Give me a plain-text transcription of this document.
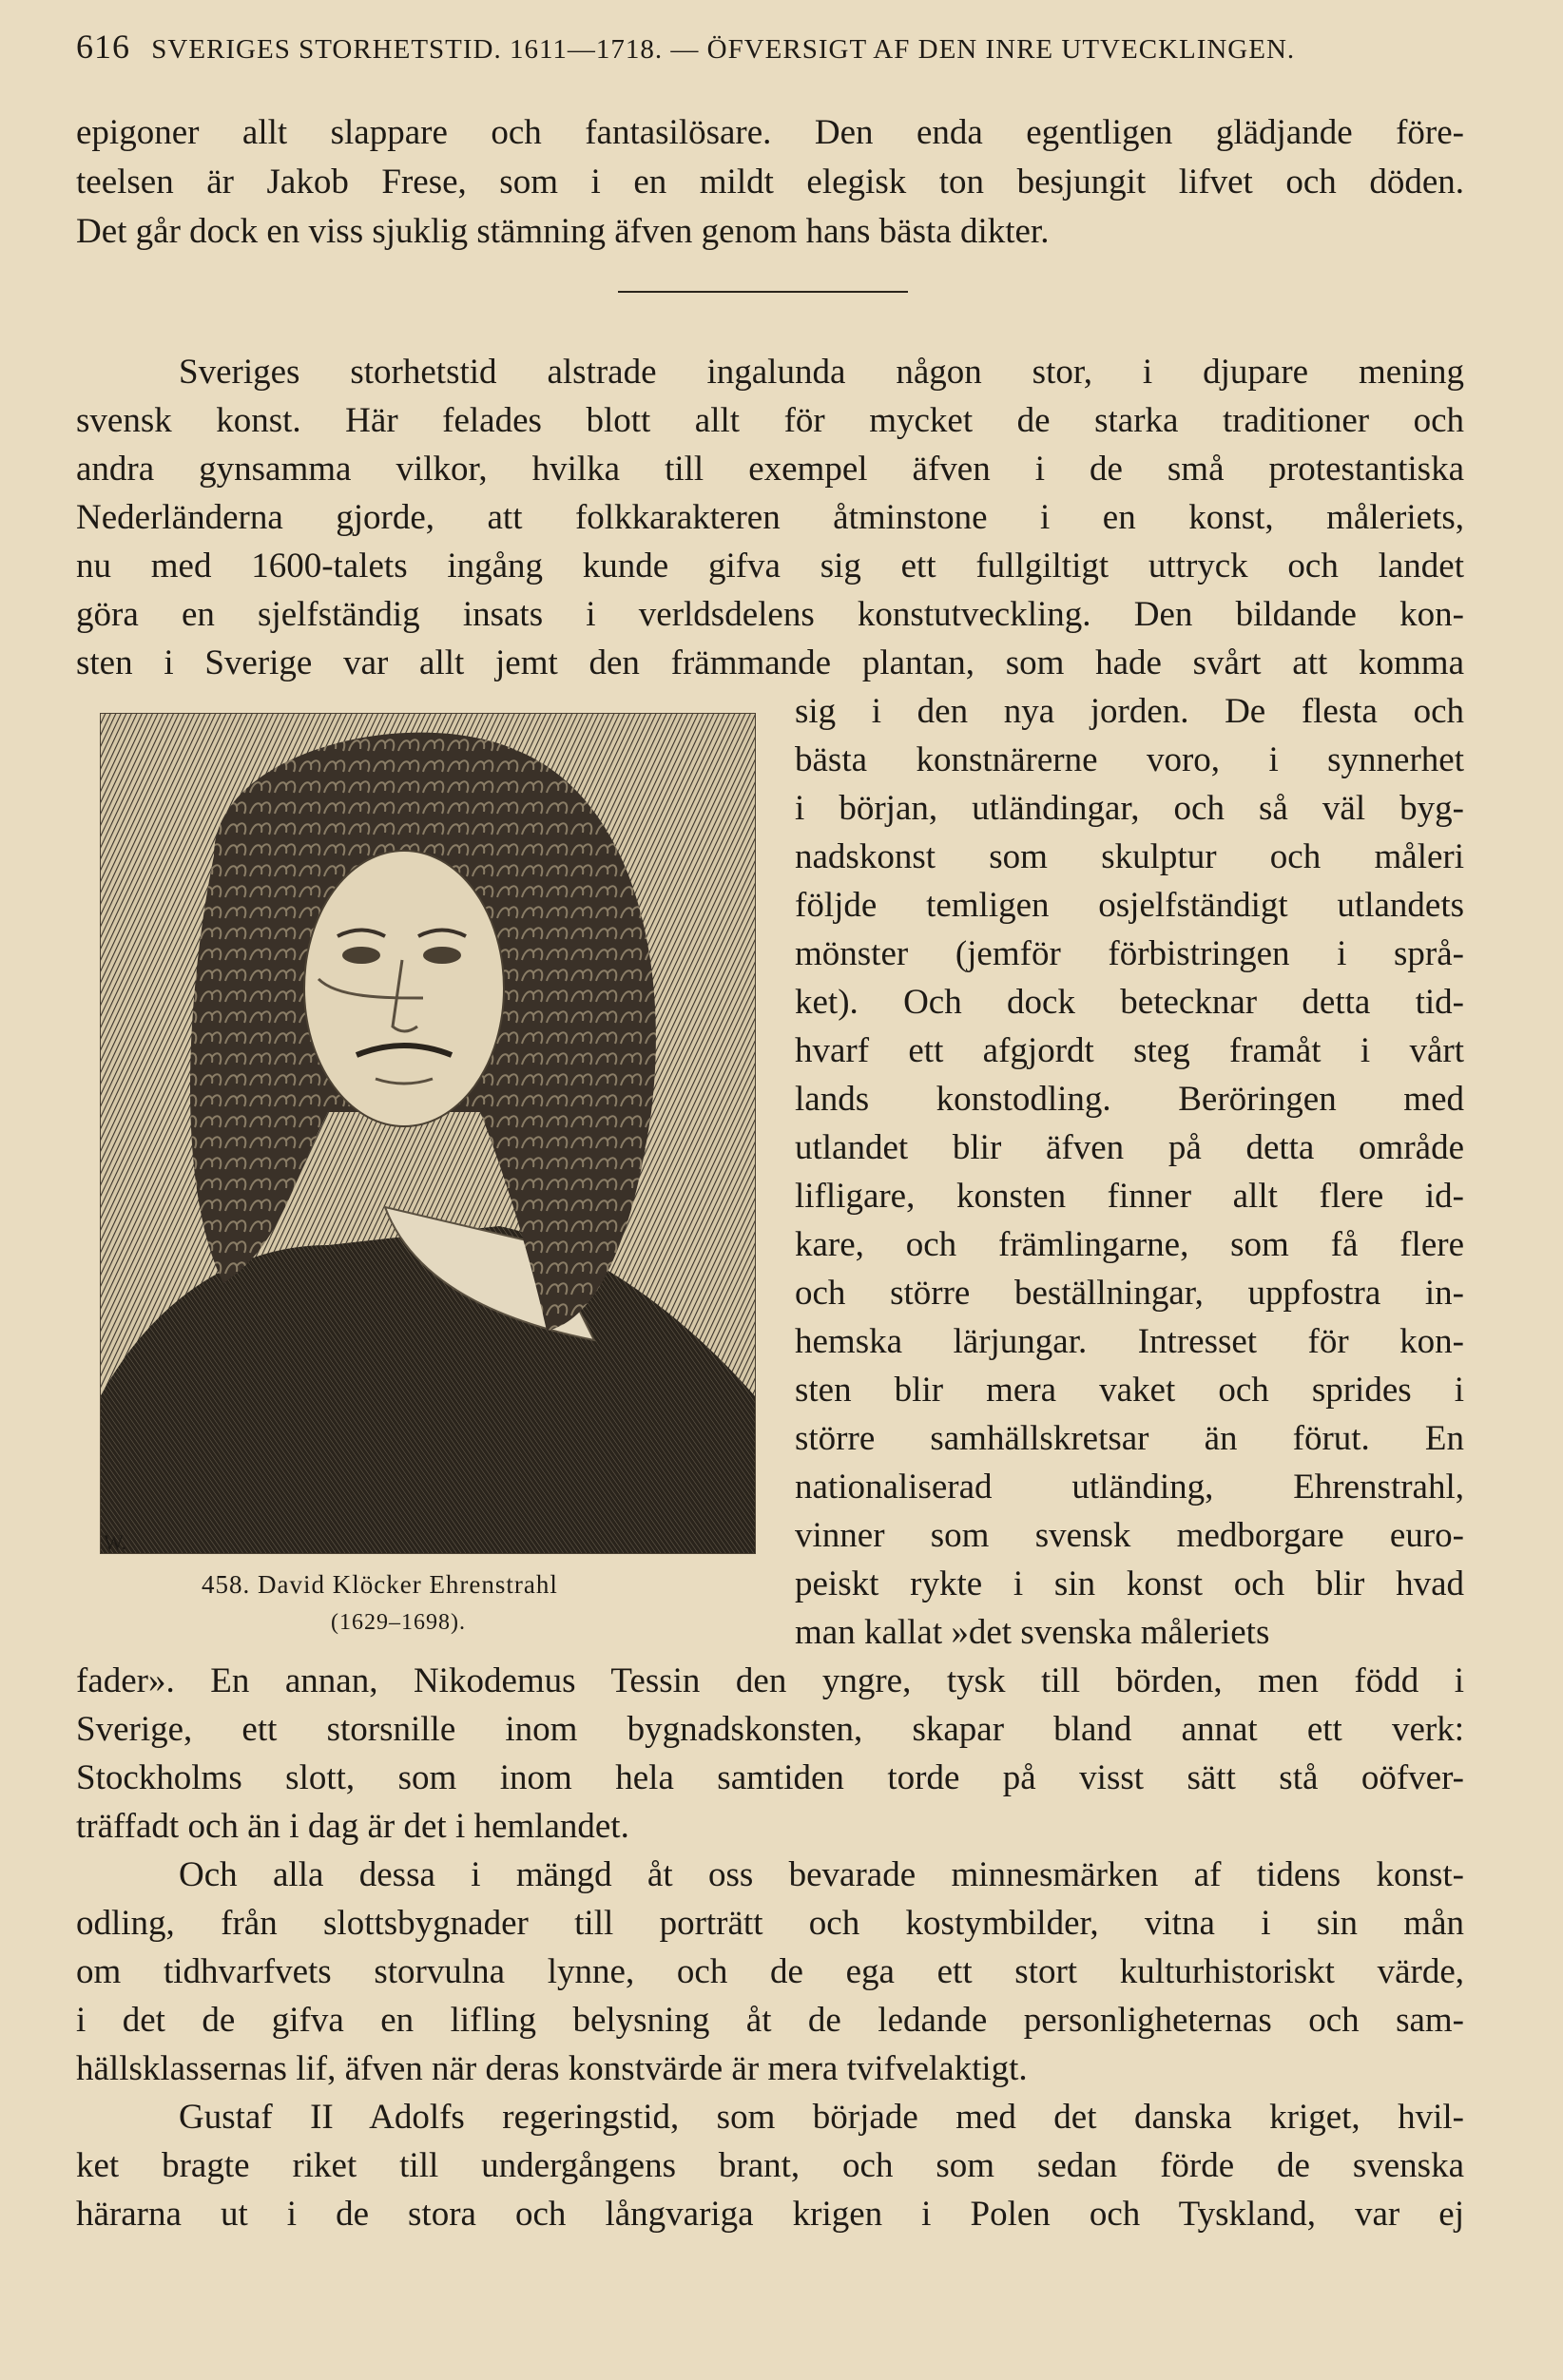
616 SVERIGES STORHETSTID. 1611—1718. — ÖFVERSIGT AF DEN INRE UTVECKLINGEN.
epigoner allt slappare och fantasilösare. Den enda egentligen glädjande före-
teelsen är Jakob Frese, som i en mildt elegisk ton besjungit lifvet och döden.
Det går dock en viss sjuklig stämning äfven genom hans bästa dikter.
Sveriges storhetstid alstrade ingalunda någon stor, i djupare mening
svensk konst. Här felades blott allt för mycket de starka traditioner och
andra gynsamma vilkor, hvilka till exempel äfven i de små protestantiska
Nederländerna gjorde, att folkkarakteren åtminstone i en konst, måleriets,
nu med 1600-talets ingång kunde gifva sig ett fullgiltigt uttryck och landet
göra en sjelfständig insats i verldsdelens konstutveckling. Den bildande kon-
sten i Sverige var allt jemt den främmande plantan, som hade svårt att komma
sig i den nya jorden. De flesta och
bästa konstnärerne voro, i synnerhet
i början, utländingar, och så väl byg-
nadskonst som skulptur och måleri
följde temligen osjelfständigt utlandets
mönster (jemför förbistringen i språ-
ket). Och dock betecknar detta tid-
hvarf ett afgjordt steg framåt i vårt
lands konstodling. Beröringen med
utlandet blir äfven på detta område
lifligare, konsten finner allt flere id-
kare, och främlingarne, som få flere
och större beställningar, uppfostra in-
hemska lärjungar. Intresset för kon-
sten blir mera vaket och sprides i
större samhällskretsar än förut. En
nationaliserad utländing, Ehrenstrahl,
vinner som svensk medborgare euro-
peiskt rykte i sin konst och blir hvad
man kallat »det svenska måleriets
fader». En annan, Nikodemus Tessin den yngre, tysk till börden, men född i
Sverige, ett storsnille inom bygnadskonsten, skapar bland annat ett verk:
Stockholms slott, som inom hela samtiden torde på visst sätt stå oöfver-
träffadt och än i dag är det i hemlandet.
Och alla dessa i mängd åt oss bevarade minnesmärken af tidens konst-
odling, från slottsbygnader till porträtt och kostymbilder, vitna i sin mån
om tidhvarfvets storvulna lynne, och de ega ett stort kulturhistoriskt värde,
i det de gifva en lifling belysning åt de ledande personligheternas och sam-
hällsklassernas lif, äfven när deras konstvärde är mera tvifvelaktigt.
Gustaf II Adolfs regeringstid, som började med det danska kriget, hvil-
ket bragte riket till undergångens brant, och som sedan förde de svenska
härarna ut i de stora och långvariga krigen i Polen och Tyskland, var ej
W.
458. David Klöcker Ehrenstrahl
(1629–1698).
